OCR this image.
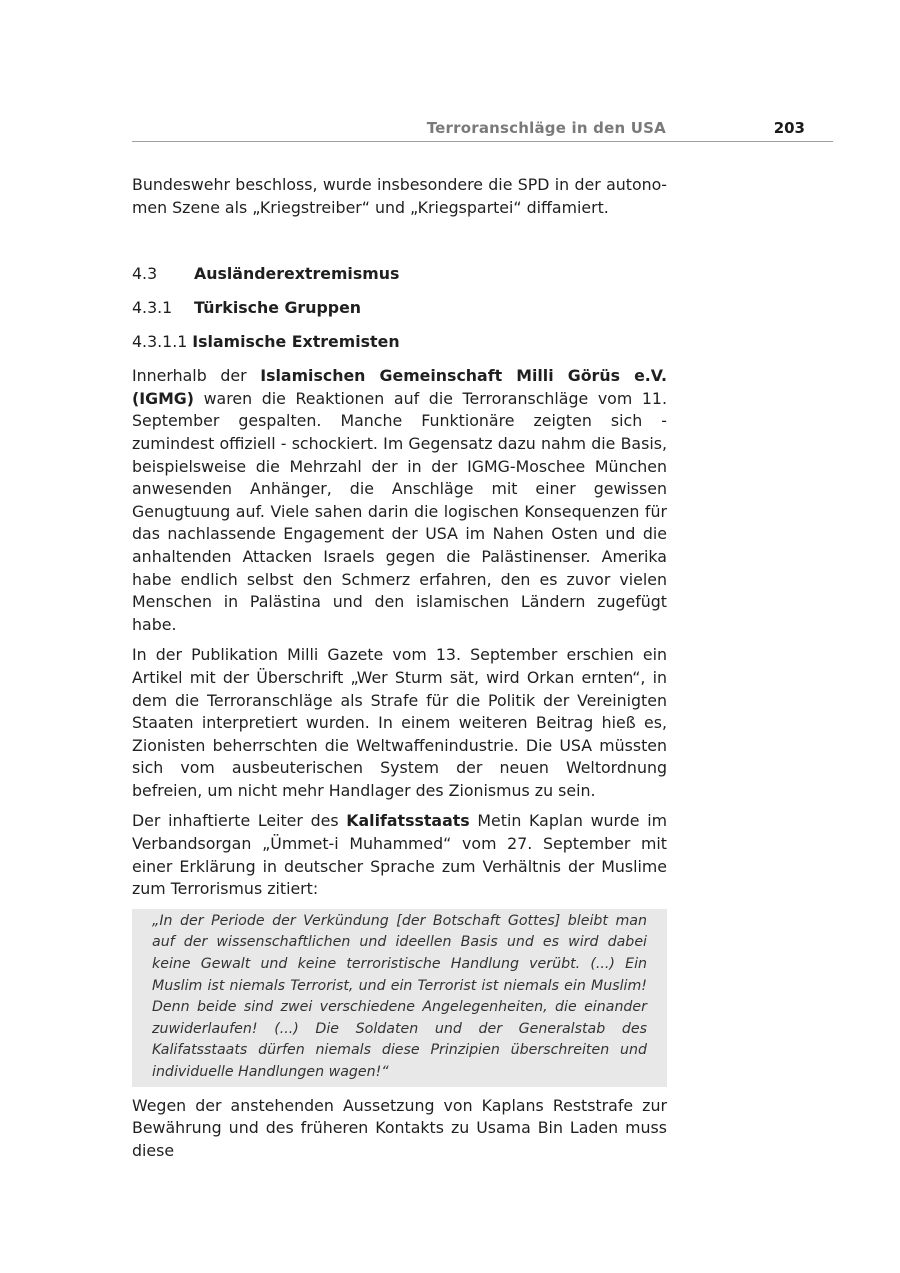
Terroranschläge in den USA	203

Bundeswehr beschloss, wurde insbesondere die SPD in der autonomen Szene als „Kriegstreiber“ und „Kriegspartei“ diffamiert.

4.3	Ausländerextremismus
4.3.1	Türkische Gruppen
4.3.1.1 Islamische Extremisten

Innerhalb der Islamischen Gemeinschaft Milli Görüs e.V. (IGMG) waren die Reaktionen auf die Terroranschläge vom 11. September gespalten. Manche Funktionäre zeigten sich - zumindest offiziell - schockiert. Im Gegensatz dazu nahm die Basis, beispielsweise die Mehrzahl der in der IGMG-Moschee München anwesenden Anhänger, die Anschläge mit einer gewissen Genugtuung auf. Viele sahen darin die logischen Konsequenzen für das nachlassende Engagement der USA im Nahen Osten und die anhaltenden Attacken Israels gegen die Palästinenser. Amerika habe endlich selbst den Schmerz erfahren, den es zuvor vielen Menschen in Palästina und den islamischen Ländern zugefügt habe.

In der Publikation Milli Gazete vom 13. September erschien ein Artikel mit der Überschrift „Wer Sturm sät, wird Orkan ernten“, in dem die Terroranschläge als Strafe für die Politik der Vereinigten Staaten interpretiert wurden. In einem weiteren Beitrag hieß es, Zionisten beherrschten die Weltwaffenindustrie. Die USA müssten sich vom ausbeuterischen System der neuen Weltordnung befreien, um nicht mehr Handlager des Zionismus zu sein.

Der inhaftierte Leiter des Kalifatsstaats Metin Kaplan wurde im Verbandsorgan „Ümmet-i Muhammed“ vom 27. September mit einer Erklärung in deutscher Sprache zum Verhältnis der Muslime zum Terrorismus zitiert:

„In der Periode der Verkündung [der Botschaft Gottes] bleibt man auf der wissenschaftlichen und ideellen Basis und es wird dabei keine Gewalt und keine terroristische Handlung verübt. (...) Ein Muslim ist niemals Terrorist, und ein Terrorist ist niemals ein Muslim! Denn beide sind zwei verschiedene Angelegenheiten, die einander zuwiderlaufen! (...) Die Soldaten und der Generalstab des Kalifatsstaats dürfen niemals diese Prinzipien überschreiten und individuelle Handlungen wagen!“

Wegen der anstehenden Aussetzung von Kaplans Reststrafe zur Bewährung und des früheren Kontakts zu Usama Bin Laden muss diese
